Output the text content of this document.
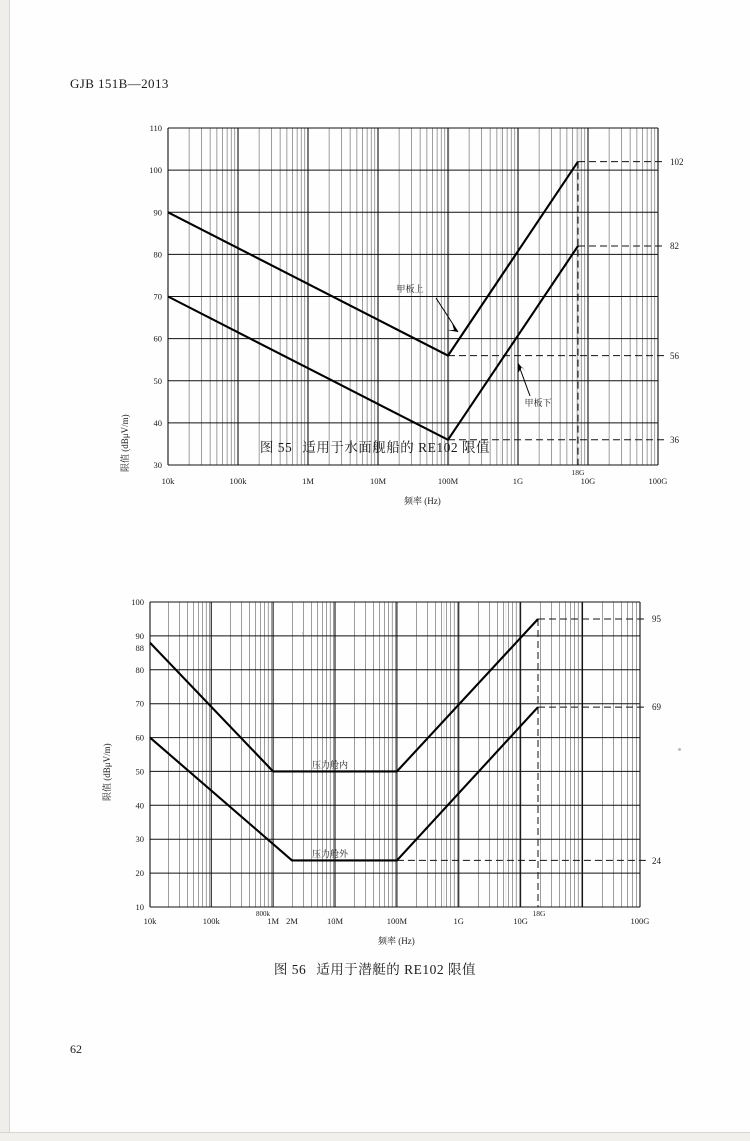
GJB 151B—2013
限值 (dBμV/m)
110
100
90
80
70
60
50
40
30
10k	100k	1M	10M	100M	1G	10G
18G
100G
102
82
56
36
甲板上
甲板下
频率 (Hz)
图 55 适用于水面舰船的 RE102 限值
限值 (dBμV/m)
100
90
88
80
70
60
50
40
30
20
10
10k	100k	1M
800k
2M	10M	100M	1G	10G
18G
100G
95
69
24
压力舱内
压力舱外
频率 (Hz)
图 56 适用于潜艇的 RE102 限值
62
